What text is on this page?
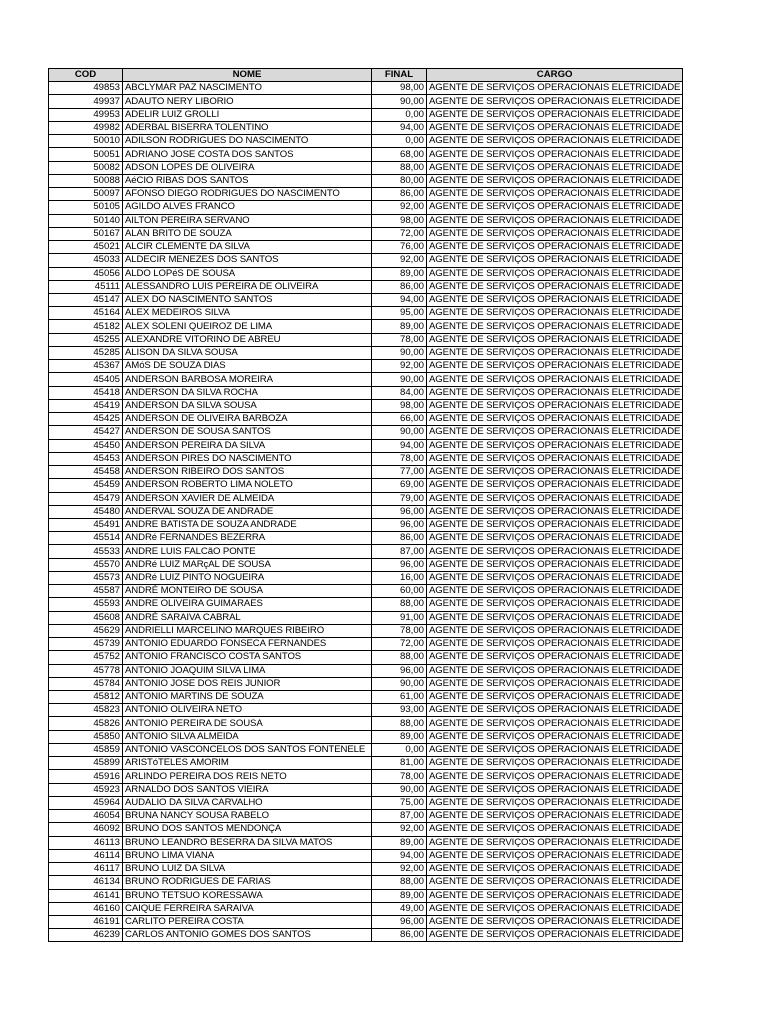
COD	NOME	FINAL	CARGO
49853	ABCLYMAR PAZ NASCIMENTO	98,00	AGENTE DE SERVIÇOS OPERACIONAIS ELETRICIDADE
49937	ADAUTO NERY LIBORIO	90,00	AGENTE DE SERVIÇOS OPERACIONAIS ELETRICIDADE
49953	ADELIR LUIZ GROLLI	0,00	AGENTE DE SERVIÇOS OPERACIONAIS ELETRICIDADE
49982	ADERBAL BISERRA TOLENTINO	94,00	AGENTE DE SERVIÇOS OPERACIONAIS ELETRICIDADE
50010	ADILSON RODRIGUES DO NASCIMENTO	0,00	AGENTE DE SERVIÇOS OPERACIONAIS ELETRICIDADE
50051	ADRIANO JOSE COSTA DOS SANTOS	68,00	AGENTE DE SERVIÇOS OPERACIONAIS ELETRICIDADE
50082	ADSON LOPES DE OLIVEIRA	88,00	AGENTE DE SERVIÇOS OPERACIONAIS ELETRICIDADE
50088	AéCIO RIBAS DOS SANTOS	80,00	AGENTE DE SERVIÇOS OPERACIONAIS ELETRICIDADE
50097	AFONSO DIEGO RODRIGUES DO NASCIMENTO	86,00	AGENTE DE SERVIÇOS OPERACIONAIS ELETRICIDADE
50105	AGILDO ALVES FRANCO	92,00	AGENTE DE SERVIÇOS OPERACIONAIS ELETRICIDADE
50140	AILTON PEREIRA SERVANO	98,00	AGENTE DE SERVIÇOS OPERACIONAIS ELETRICIDADE
50167	ALAN BRITO DE SOUZA	72,00	AGENTE DE SERVIÇOS OPERACIONAIS ELETRICIDADE
45021	ALCIR CLEMENTE DA SILVA	76,00	AGENTE DE SERVIÇOS OPERACIONAIS ELETRICIDADE
45033	ALDECIR MENEZES DOS SANTOS	92,00	AGENTE DE SERVIÇOS OPERACIONAIS ELETRICIDADE
45056	ALDO LOPéS DE SOUSA	89,00	AGENTE DE SERVIÇOS OPERACIONAIS ELETRICIDADE
45111	ALESSANDRO LUIS PEREIRA DE OLIVEIRA	86,00	AGENTE DE SERVIÇOS OPERACIONAIS ELETRICIDADE
45147	ALEX DO NASCIMENTO SANTOS	94,00	AGENTE DE SERVIÇOS OPERACIONAIS ELETRICIDADE
45164	ALEX MEDEIROS SILVA	95,00	AGENTE DE SERVIÇOS OPERACIONAIS ELETRICIDADE
45182	ALEX SOLENI QUEIROZ DE LIMA	89,00	AGENTE DE SERVIÇOS OPERACIONAIS ELETRICIDADE
45255	ALEXANDRE VITORINO DE ABREU	78,00	AGENTE DE SERVIÇOS OPERACIONAIS ELETRICIDADE
45285	ALISON DA SILVA SOUSA	90,00	AGENTE DE SERVIÇOS OPERACIONAIS ELETRICIDADE
45367	AMóS DE SOUZA DIAS	92,00	AGENTE DE SERVIÇOS OPERACIONAIS ELETRICIDADE
45405	ANDERSON BARBOSA MOREIRA	90,00	AGENTE DE SERVIÇOS OPERACIONAIS ELETRICIDADE
45418	ANDERSON DA SILVA ROCHA	84,00	AGENTE DE SERVIÇOS OPERACIONAIS ELETRICIDADE
45419	ANDERSON DA SILVA SOUSA	98,00	AGENTE DE SERVIÇOS OPERACIONAIS ELETRICIDADE
45425	ANDERSON DE OLIVEIRA BARBOZA	66,00	AGENTE DE SERVIÇOS OPERACIONAIS ELETRICIDADE
45427	ANDERSON DE SOUSA SANTOS	90,00	AGENTE DE SERVIÇOS OPERACIONAIS ELETRICIDADE
45450	ANDERSON PEREIRA DA SILVA	94,00	AGENTE DE SERVIÇOS OPERACIONAIS ELETRICIDADE
45453	ANDERSON PIRES DO NASCIMENTO	78,00	AGENTE DE SERVIÇOS OPERACIONAIS ELETRICIDADE
45458	ANDERSON RIBEIRO DOS SANTOS	77,00	AGENTE DE SERVIÇOS OPERACIONAIS ELETRICIDADE
45459	ANDERSON ROBERTO LIMA NOLETO	69,00	AGENTE DE SERVIÇOS OPERACIONAIS ELETRICIDADE
45479	ANDERSON XAVIER DE ALMEIDA	79,00	AGENTE DE SERVIÇOS OPERACIONAIS ELETRICIDADE
45480	ANDERVAL SOUZA DE ANDRADE	96,00	AGENTE DE SERVIÇOS OPERACIONAIS ELETRICIDADE
45491	ANDRE BATISTA DE SOUZA ANDRADE	96,00	AGENTE DE SERVIÇOS OPERACIONAIS ELETRICIDADE
45514	ANDRé FERNANDES BEZERRA	86,00	AGENTE DE SERVIÇOS OPERACIONAIS ELETRICIDADE
45533	ANDRE LUIS FALCãO PONTE	87,00	AGENTE DE SERVIÇOS OPERACIONAIS ELETRICIDADE
45570	ANDRé LUIZ MARçAL DE SOUSA	96,00	AGENTE DE SERVIÇOS OPERACIONAIS ELETRICIDADE
45573	ANDRé LUIZ PINTO NOGUEIRA	16,00	AGENTE DE SERVIÇOS OPERACIONAIS ELETRICIDADE
45587	ANDRÉ MONTEIRO DE SOUSA	60,00	AGENTE DE SERVIÇOS OPERACIONAIS ELETRICIDADE
45593	ANDRE OLIVEIRA GUIMARAES	88,00	AGENTE DE SERVIÇOS OPERACIONAIS ELETRICIDADE
45608	ANDRÉ SARAIVA CABRAL	91,00	AGENTE DE SERVIÇOS OPERACIONAIS ELETRICIDADE
45629	ANDRIELLI MARCELINO MARQUES RIBEIRO	78,00	AGENTE DE SERVIÇOS OPERACIONAIS ELETRICIDADE
45739	ANTONIO EDUARDO FONSECA FERNANDES	72,00	AGENTE DE SERVIÇOS OPERACIONAIS ELETRICIDADE
45752	ANTONIO FRANCISCO COSTA SANTOS	88,00	AGENTE DE SERVIÇOS OPERACIONAIS ELETRICIDADE
45778	ANTONIO JOAQUIM SILVA LIMA	96,00	AGENTE DE SERVIÇOS OPERACIONAIS ELETRICIDADE
45784	ANTONIO JOSE DOS REIS JUNIOR	90,00	AGENTE DE SERVIÇOS OPERACIONAIS ELETRICIDADE
45812	ANTONIO MARTINS DE SOUZA	61,00	AGENTE DE SERVIÇOS OPERACIONAIS ELETRICIDADE
45823	ANTONIO OLIVEIRA NETO	93,00	AGENTE DE SERVIÇOS OPERACIONAIS ELETRICIDADE
45826	ANTONIO PEREIRA DE SOUSA	88,00	AGENTE DE SERVIÇOS OPERACIONAIS ELETRICIDADE
45850	ANTONIO SILVA ALMEIDA	89,00	AGENTE DE SERVIÇOS OPERACIONAIS ELETRICIDADE
45859	ANTONIO VASCONCELOS DOS SANTOS FONTENELE	0,00	AGENTE DE SERVIÇOS OPERACIONAIS ELETRICIDADE
45899	ARISTóTELES AMORIM	81,00	AGENTE DE SERVIÇOS OPERACIONAIS ELETRICIDADE
45916	ARLINDO PEREIRA DOS REIS NETO	78,00	AGENTE DE SERVIÇOS OPERACIONAIS ELETRICIDADE
45923	ARNALDO DOS SANTOS VIEIRA	90,00	AGENTE DE SERVIÇOS OPERACIONAIS ELETRICIDADE
45964	AUDALIO DA SILVA CARVALHO	75,00	AGENTE DE SERVIÇOS OPERACIONAIS ELETRICIDADE
46054	BRUNA NANCY SOUSA RABELO	87,00	AGENTE DE SERVIÇOS OPERACIONAIS ELETRICIDADE
46092	BRUNO DOS SANTOS MENDONÇA	92,00	AGENTE DE SERVIÇOS OPERACIONAIS ELETRICIDADE
46113	BRUNO LEANDRO BESERRA DA SILVA MATOS	89,00	AGENTE DE SERVIÇOS OPERACIONAIS ELETRICIDADE
46114	BRUNO LIMA VIANA	94,00	AGENTE DE SERVIÇOS OPERACIONAIS ELETRICIDADE
46117	BRUNO LUIZ DA SILVA	92,00	AGENTE DE SERVIÇOS OPERACIONAIS ELETRICIDADE
46134	BRUNO RODRIGUES DE FARIAS	88,00	AGENTE DE SERVIÇOS OPERACIONAIS ELETRICIDADE
46141	BRUNO TETSUO KORESSAWA	89,00	AGENTE DE SERVIÇOS OPERACIONAIS ELETRICIDADE
46160	CAIQUE FERREIRA SARAIVA	49,00	AGENTE DE SERVIÇOS OPERACIONAIS ELETRICIDADE
46191	CARLITO PEREIRA COSTA	96,00	AGENTE DE SERVIÇOS OPERACIONAIS ELETRICIDADE
46239	CARLOS ANTONIO GOMES DOS SANTOS	86,00	AGENTE DE SERVIÇOS OPERACIONAIS ELETRICIDADE
